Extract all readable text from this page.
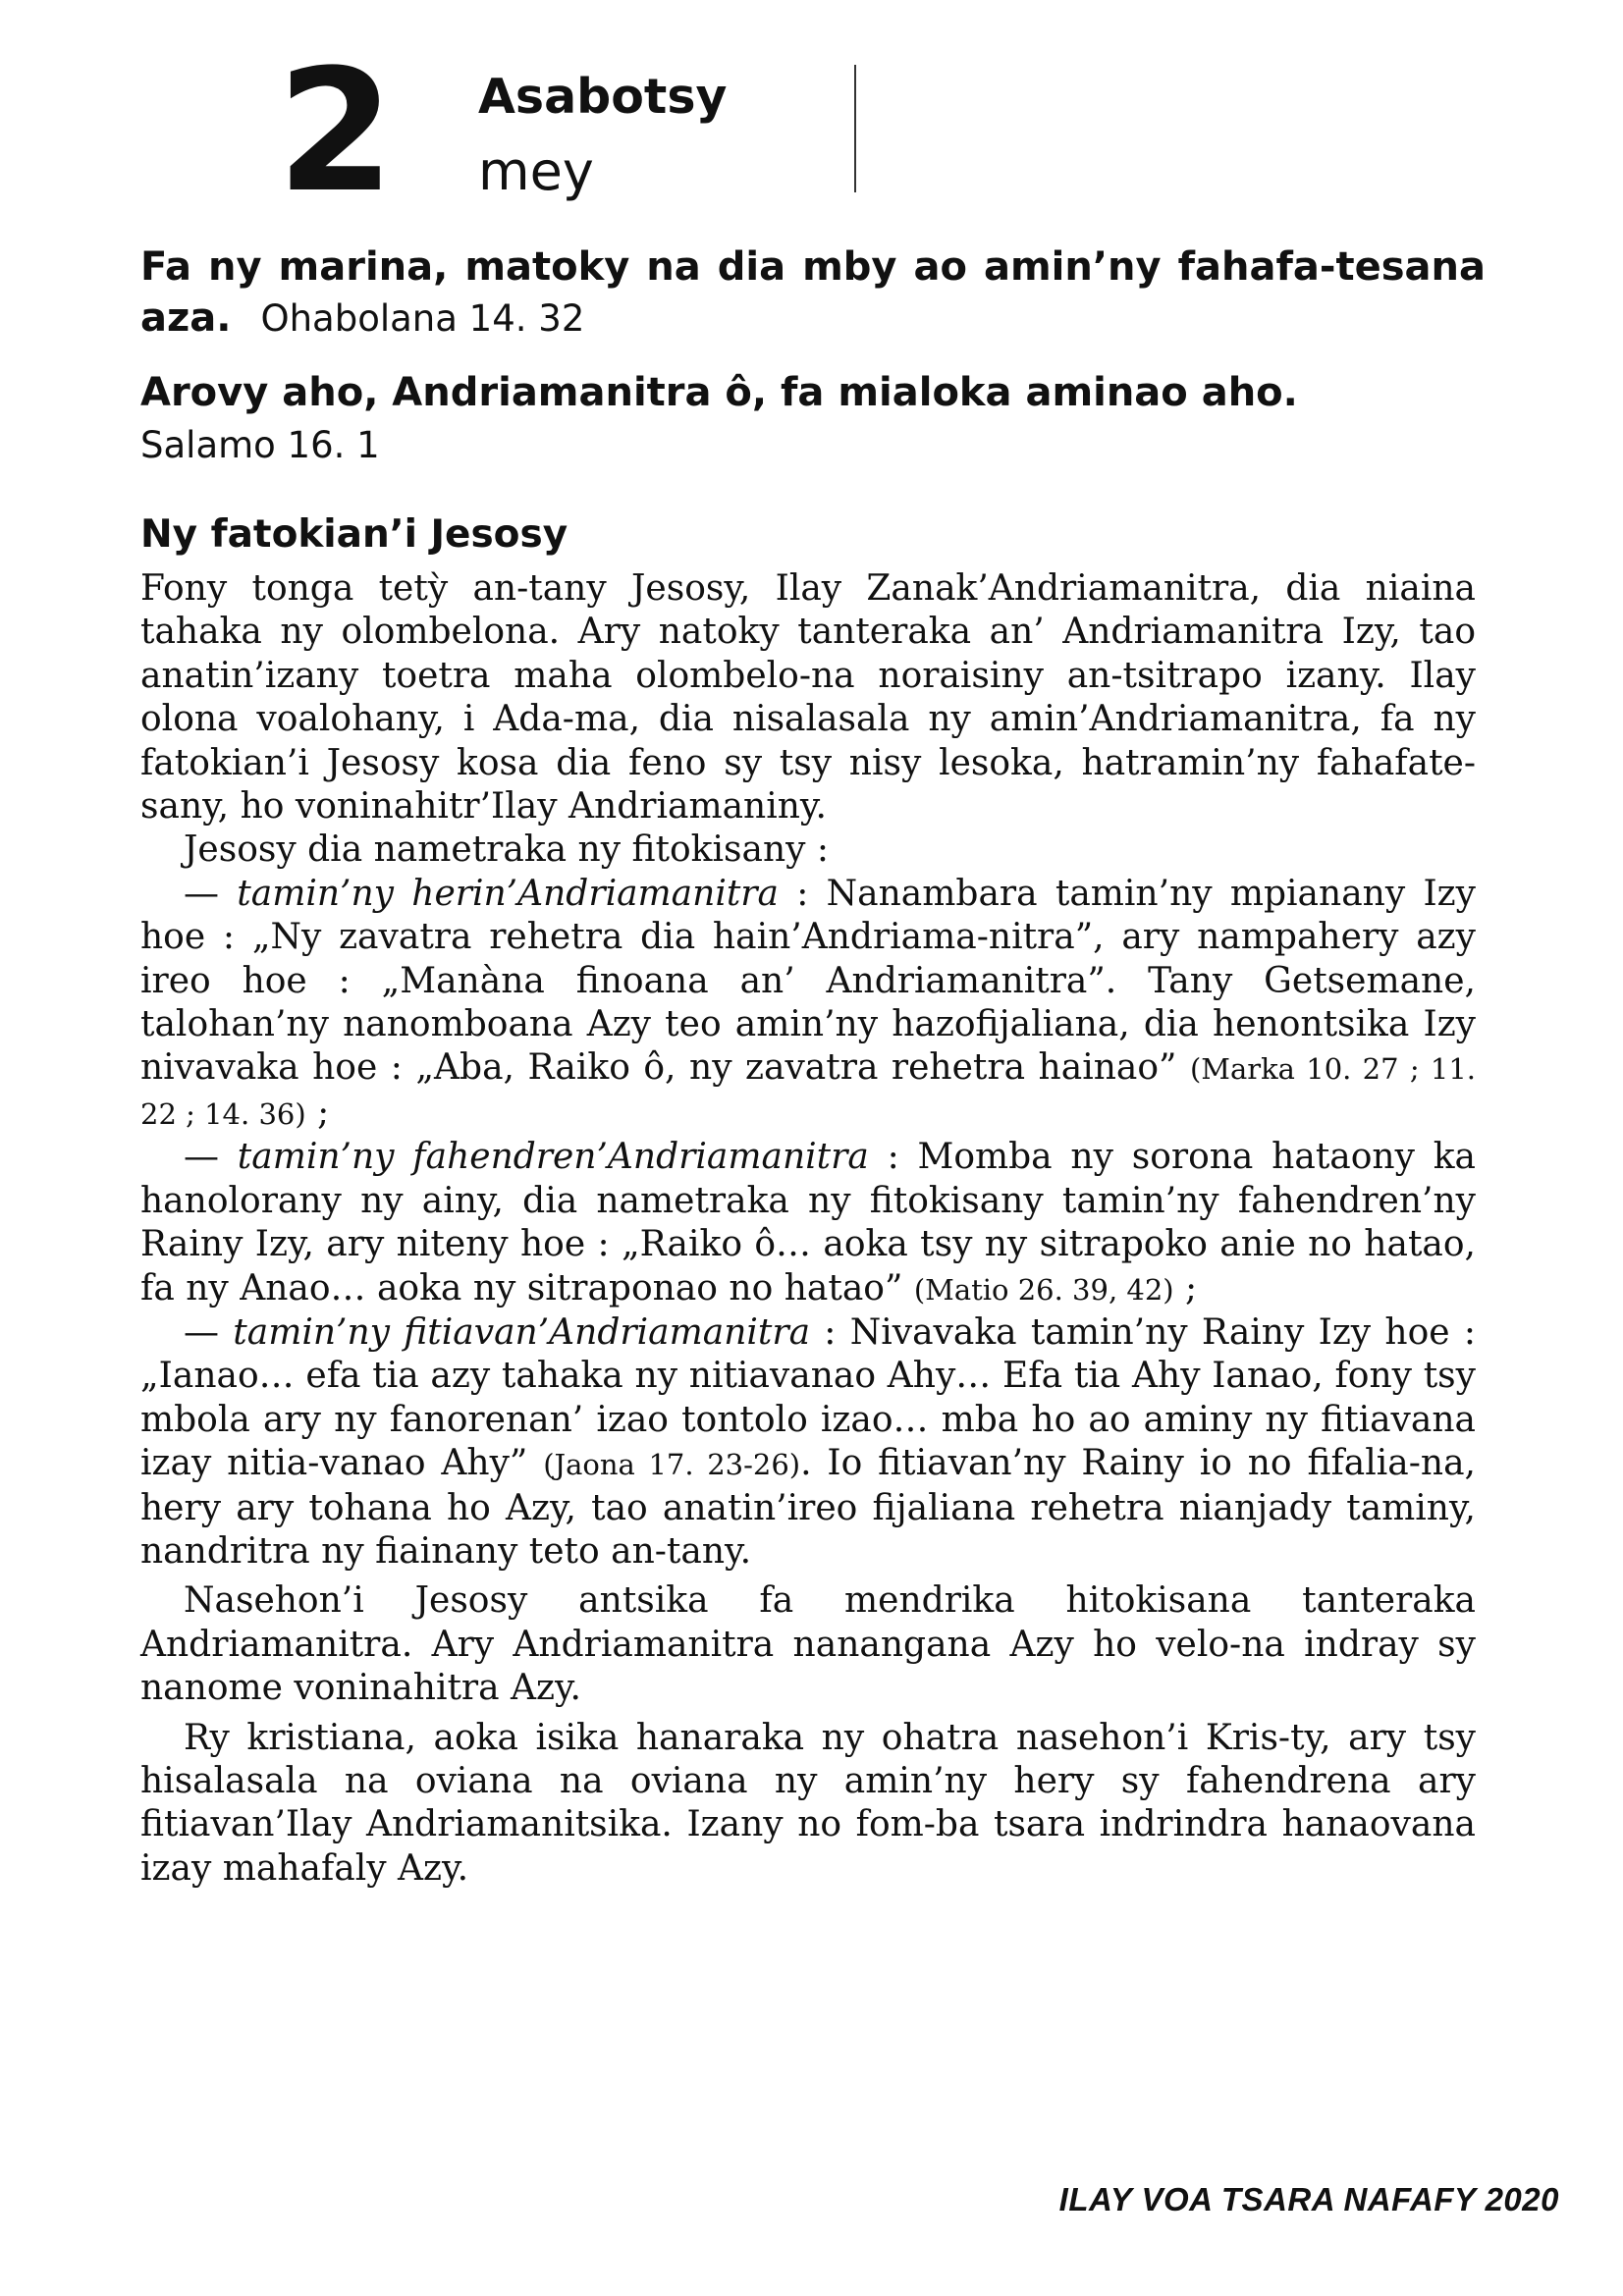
2 Asabotsy
mey
Fa ny marina, matoky na dia mby ao amin’ny fahafa-tesana aza. Ohabolana 14. 32
Arovy aho, Andriamanitra ô, fa mialoka aminao aho.
Salamo 16. 1
Ny fatokian’i Jesosy

Fony tonga tetỳ an-tany Jesosy, Ilay Zanak’Andriamanitra, dia niaina tahaka ny olombelona. Ary natoky tanteraka an’ Andriamanitra Izy, tao anatin’izany toetra maha olombelo-na noraisiny an-tsitrapo izany. Ilay olona voalohany, i Ada-ma, dia nisalasala ny amin’Andriamanitra, fa ny fatokian’i Jesosy kosa dia feno sy tsy nisy lesoka, hatramin’ny fahafate-sany, ho voninahitr’Ilay Andriamaniny.

Jesosy dia nametraka ny fitokisany :

— tamin’ny herin’Andriamanitra : Nanambara tamin’ny mpianany Izy hoe : „Ny zavatra rehetra dia hain’Andriama-nitra”, ary nampahery azy ireo hoe : „Manàna finoana an’ Andriamanitra”. Tany Getsemane, talohan’ny nanomboana Azy teo amin’ny hazofijaliana, dia henontsika Izy nivavaka hoe : „Aba, Raiko ô, ny zavatra rehetra hainao” (Marka 10. 27 ; 11. 22 ; 14. 36) ;

— tamin’ny fahendren’Andriamanitra : Momba ny sorona hataony ka hanolorany ny ainy, dia nametraka ny fitokisany tamin’ny fahendren’ny Rainy Izy, ary niteny hoe : „Raiko ô… aoka tsy ny sitrapoko anie no hatao, fa ny Anao… aoka ny sitraponao no hatao” (Matio 26. 39, 42) ;

— tamin’ny fitiavan’Andriamanitra : Nivavaka tamin’ny Rainy Izy hoe : „Ianao… efa tia azy tahaka ny nitiavanao Ahy… Efa tia Ahy Ianao, fony tsy mbola ary ny fanorenan’ izao tontolo izao… mba ho ao aminy ny fitiavana izay nitia-vanao Ahy” (Jaona 17. 23-26). Io fitiavan’ny Rainy io no fifalia-na, hery ary tohana ho Azy, tao anatin’ireo fijaliana rehetra nianjady taminy, nandritra ny fiainany teto an-tany.

Nasehon’i Jesosy antsika fa mendrika hitokisana tanteraka Andriamanitra. Ary Andriamanitra nanangana Azy ho velo-na indray sy nanome voninahitra Azy.

Ry kristiana, aoka isika hanaraka ny ohatra nasehon’i Kris-ty, ary tsy hisalasala na oviana na oviana ny amin’ny hery sy fahendrena ary fitiavan’Ilay Andriamanitsika. Izany no fom-ba tsara indrindra hanaovana izay mahafaly Azy.

ILAY VOA TSARA NAFAFY 2020
